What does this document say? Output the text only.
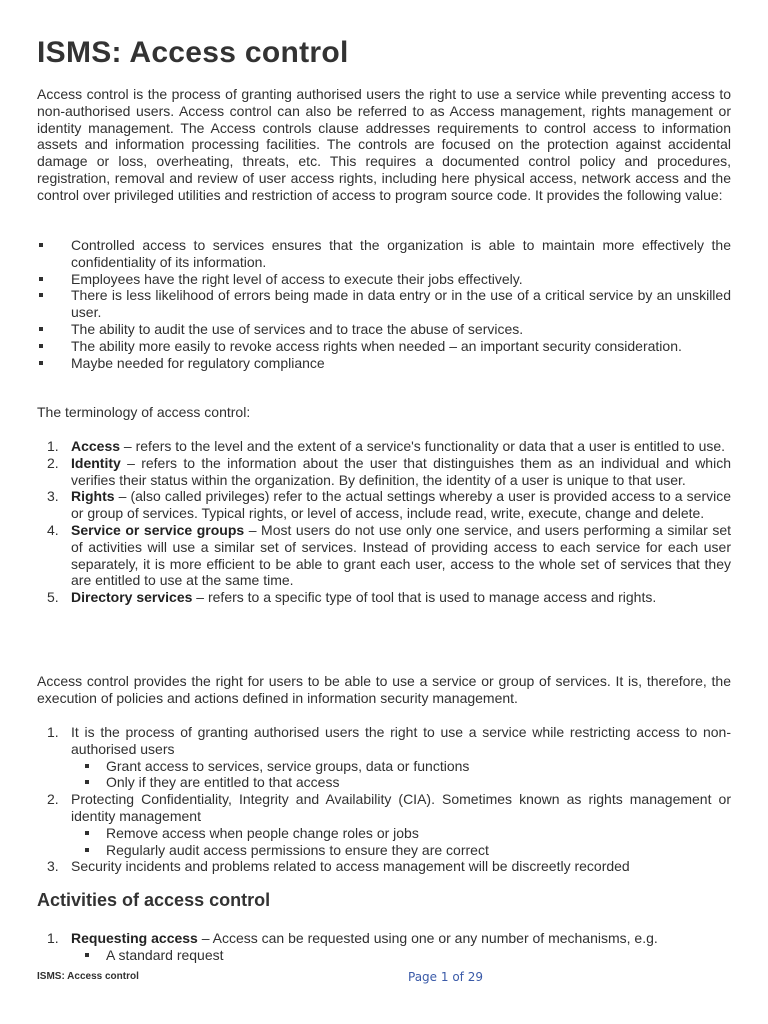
ISMS: Access control

Access control is the process of granting authorised users the right to use a service while preventing access to non-authorised users. Access control can also be referred to as Access management, rights management or identity management. The Access controls clause addresses requirements to control access to information assets and information processing facilities. The controls are focused on the protection against accidental damage or loss, overheating, threats, etc. This requires a documented control policy and procedures, registration, removal and review of user access rights, including here physical access, network access and the control over privileged utilities and restriction of access to program source code. It provides the following value:

Controlled access to services ensures that the organization is able to maintain more effectively the confidentiality of its information.
Employees have the right level of access to execute their jobs effectively.
There is less likelihood of errors being made in data entry or in the use of a critical service by an unskilled user.
The ability to audit the use of services and to trace the abuse of services.
The ability more easily to revoke access rights when needed – an important security consideration.
Maybe needed for regulatory compliance

The terminology of access control:

1. Access – refers to the level and the extent of a service's functionality or data that a user is entitled to use.
2. Identity – refers to the information about the user that distinguishes them as an individual and which verifies their status within the organization. By definition, the identity of a user is unique to that user.
3. Rights – (also called privileges) refer to the actual settings whereby a user is provided access to a service or group of services. Typical rights, or level of access, include read, write, execute, change and delete.
4. Service or service groups – Most users do not use only one service, and users performing a similar set of activities will use a similar set of services. Instead of providing access to each service for each user separately, it is more efficient to be able to grant each user, access to the whole set of services that they are entitled to use at the same time.
5. Directory services – refers to a specific type of tool that is used to manage access and rights.

Access control provides the right for users to be able to use a service or group of services. It is, therefore, the execution of policies and actions defined in information security management.

1. It is the process of granting authorised users the right to use a service while restricting access to non-authorised users
Grant access to services, service groups, data or functions
Only if they are entitled to that access
2. Protecting Confidentiality, Integrity and Availability (CIA). Sometimes known as rights management or identity management
Remove access when people change roles or jobs
Regularly audit access permissions to ensure they are correct
3. Security incidents and problems related to access management will be discreetly recorded
Activities of access control
1. Requesting access – Access can be requested using one or any number of mechanisms, e.g.
A standard request
ISMS: Access control	Page 1 of 29
